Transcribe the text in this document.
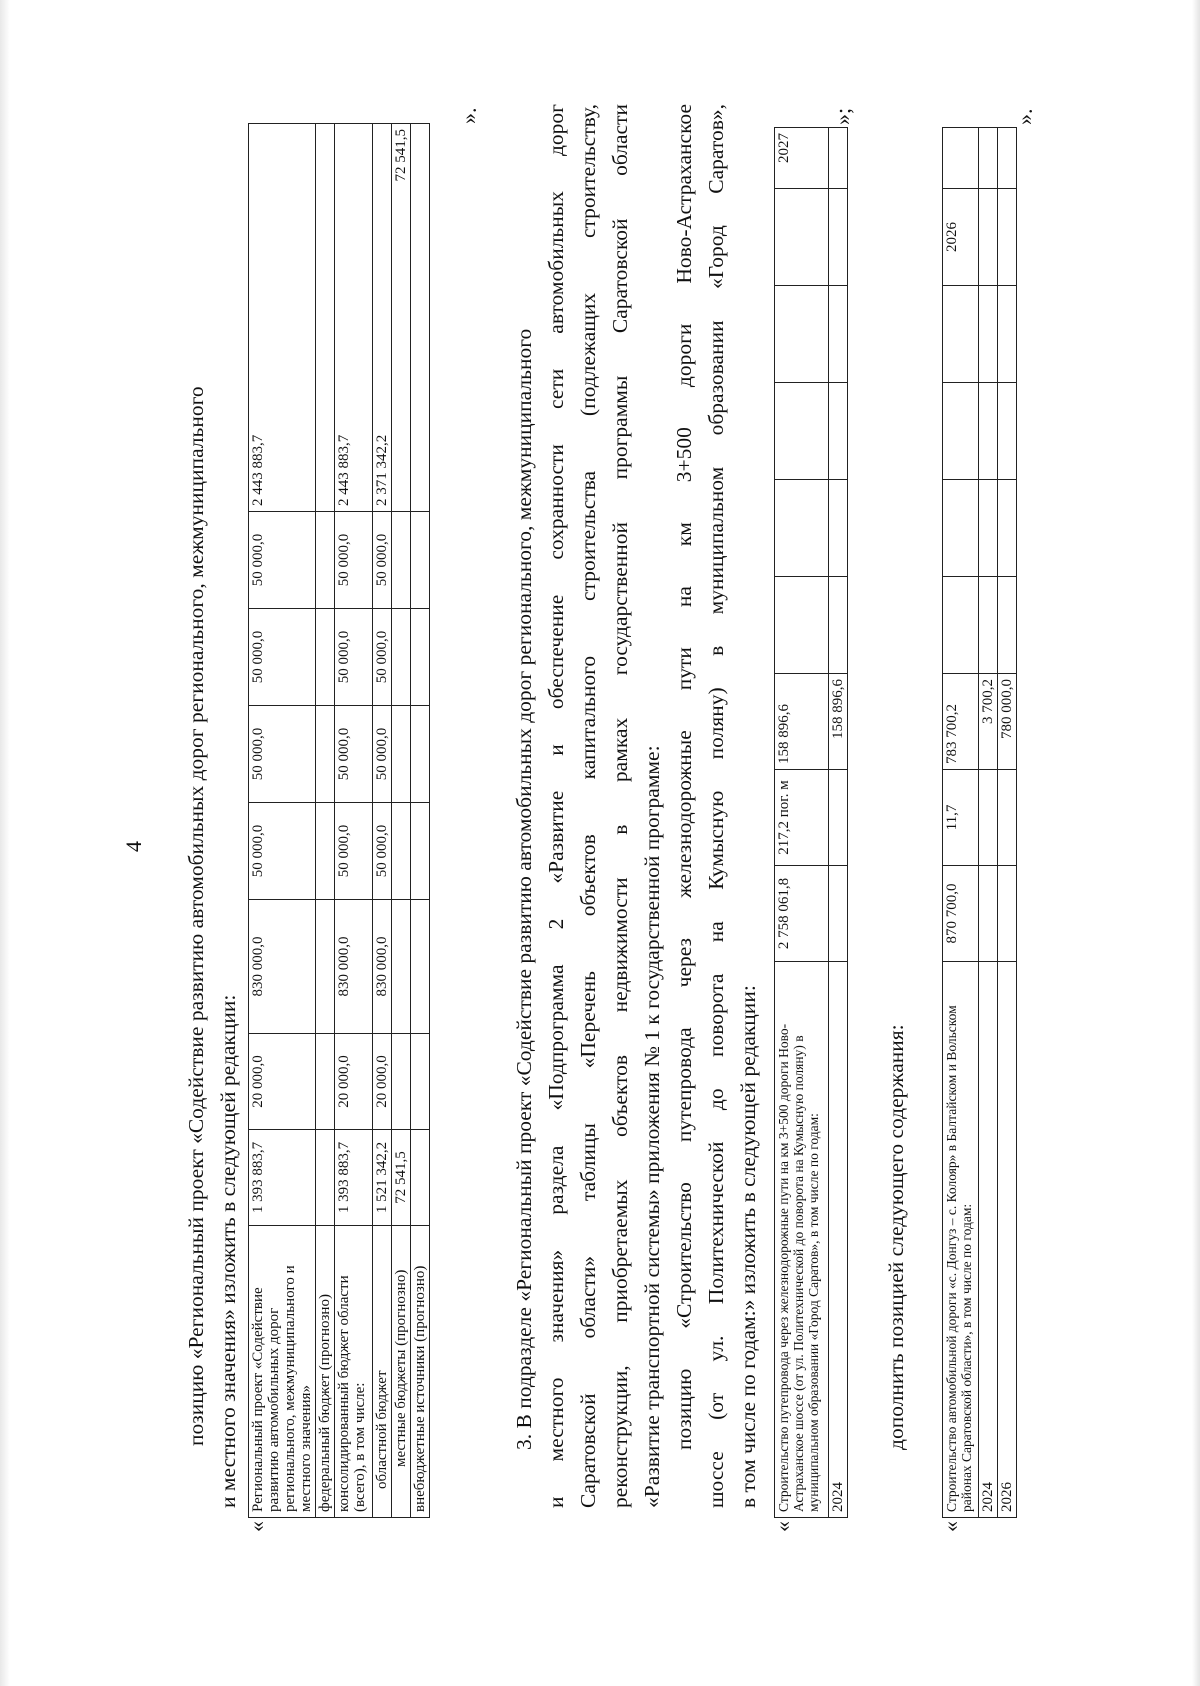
4 позицию «Региональный проект «Содействие развитию автомобильных дорог регионального, межмуниципального и местного значения» изложить в следующей редакции:
«
Региональный проект «Содействие развитию автомобильных дорог регионального, межмуниципального и местного значения»	1 393 883,7	20 000,0	830 000,0	50 000,0	50 000,0	50 000,0	50 000,0	2 443 883,7
федеральный бюджет (прогнозно)								
консолидированный бюджет области (всего), в том числе:	1 393 883,7	20 000,0	830 000,0	50 000,0	50 000,0	50 000,0	50 000,0	2 443 883,7
областной бюджет	1 521 342,2	20 000,0	830 000,0	50 000,0	50 000,0	50 000,0	50 000,0	2 371 342,2
местные бюджеты (прогнозно)	72 541,5							72 541,5
внебюджетные источники (прогнозно)								
».
3. В подразделе «Региональный проект «Содействие развитию автомобильных дорог регионального, межмуниципального и местного значения» раздела «Подпрограмма 2 «Развитие и обеспечение сохранности сети автомобильных дорог Саратовской области» таблицы «Перечень объектов капитального строительства (подлежащих строительству, реконструкции, приобретаемых объектов недвижимости в рамках государственной программы Саратовской области «Развитие транспортной системы» приложения № 1 к государственной программе: позицию «Строительство путепровода через железнодорожные пути на км 3+500 дороги Ново-Астраханское шоссе (от ул. Политехнической до поворота на Кумысную поляну) в муниципальном образовании «Город Саратов», в том числе по годам:» изложить в следующей редакции:
«
Строительство путепровода через железнодорожные пути на км 3+500 дороги Ново-Астраханское шоссе (от ул. Политехнической до поворота на Кумысную поляну) в муниципальном образовании «Город Саратов», в том числе по годам:	2 758 061,8	217,2 пог. м	158 896,6						2027
2024			158 896,6						
»;
дополнить позицией следующего содержания:
«
Строительство автомобильной дороги «с. Донгуз – с. Колояр» в Балтайском и Вольском районах Саратовской области», в том числе по годам:	870 700,0	11,7	783 700,2					2026	
2024			3 700,2						
2026			780 000,0						
».
